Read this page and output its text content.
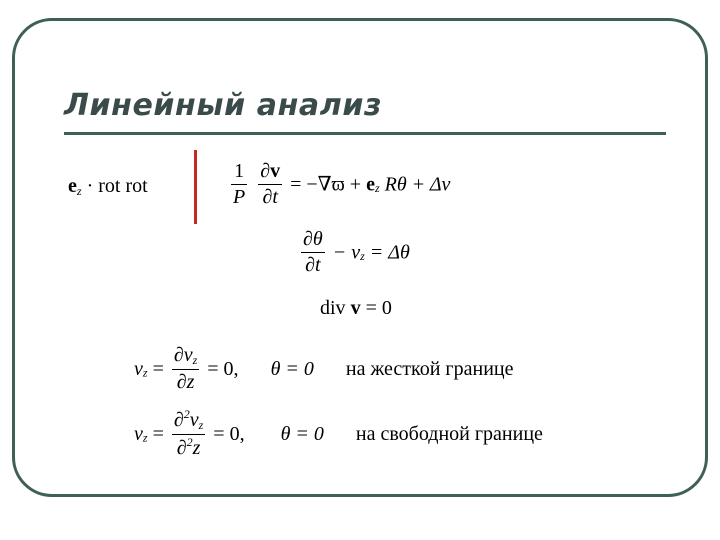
Линейный анализ
$e_z$ · rot rot	$\frac{1}{P}$
$\frac{\partial v}{\partial t} = -\nabla ϖ + e_z$ Rθ + Δv
$\frac{\partial\theta}{\partial t} - v_z = \Delta\theta$
div v = 0
$v_z = \frac{\partial v_z}{\partial z} = 0$, θ = 0 на жесткой границе
$v_z = \frac{\partial^2v_z}{\partial^2z} = 0$, θ = 0 на свободной границе
